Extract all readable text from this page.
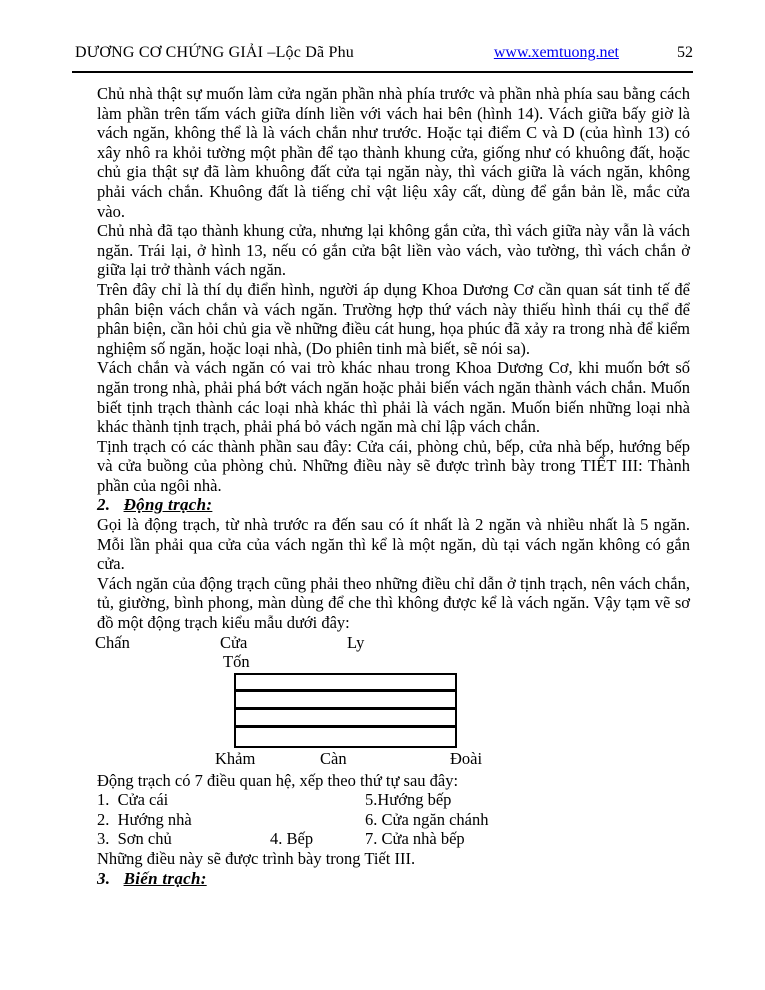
DƯƠNG CƠ CHỨNG GIẢI –Lộc Dã Phu	www.xemtuong.net	52

Chủ nhà thật sự muốn làm cửa ngăn phần nhà phía trước và phần nhà phía sau bằng cách làm phần trên tấm vách giữa dính liền với vách hai bên (hình 14). Vách giữa bấy giờ là vách ngăn, không thể là là vách chắn như trước. Hoặc tại điểm C và D (của hình 13) có xây nhô ra khỏi tường một phần để tạo thành khung cửa, giống như có khuông đất, hoặc chủ gia thật sự đã làm khuông đất cửa tại ngăn này, thì vách giữa là vách ngăn, không phải vách chắn. Khuông đất là tiếng chỉ vật liệu xây cất, dùng để gắn bản lề, mắc cửa vào.

Chủ nhà đã tạo thành khung cửa, nhưng lại không gắn cửa, thì vách giữa này vẫn là vách ngăn. Trái lại, ở hình 13, nếu có gắn cửa bật liền vào vách, vào tường, thì vách chắn ở giữa lại trở thành vách ngăn.

Trên đây chỉ là thí dụ điển hình, người áp dụng Khoa Dương Cơ cần quan sát tinh tế để phân biện vách chắn và vách ngăn. Trường hợp thứ vách này thiếu hình thái cụ thể để phân biện, cần hỏi chủ gia về những điều cát hung, họa phúc đã xảy ra trong nhà để kiểm nghiệm số ngăn, hoặc loại nhà, (Do phiên tinh mà biết, sẽ nói sa).

Vách chắn và vách ngăn có vai trò khác nhau trong Khoa Dương Cơ, khi muốn bớt số ngăn trong nhà, phải phá bớt vách ngăn hoặc phải biến vách ngăn thành vách chắn. Muốn biết tịnh trạch thành các loại nhà khác thì phải là vách ngăn. Muốn biến những loại nhà khác thành tịnh trạch, phải phá bỏ vách ngăn mà chỉ lập vách chắn.

Tịnh trạch có các thành phần sau đây: Cửa cái, phòng chủ, bếp, cửa nhà bếp, hướng bếp và cửa buồng của phòng chủ. Những điều này sẽ được trình bày trong TIẾT III: Thành phần của ngôi nhà.

2. Động trạch:

Gọi là động trạch, từ nhà trước ra đến sau có ít nhất là 2 ngăn và nhiều nhất là 5 ngăn. Mỗi lần phải qua cửa của vách ngăn thì kể là một ngăn, dù tại vách ngăn không có gắn cửa.

Vách ngăn của động trạch cũng phải theo những điều chỉ dẫn ở tịnh trạch, nên vách chắn, tủ, giường, bình phong, màn dùng để che thì không được kể là vách ngăn. Vậy tạm vẽ sơ đồ một động trạch kiểu mẫu dưới đây:

Chấn	Cửa	Ly
Tốn
Khảm	Càn	Đoài

Động trạch có 7 điều quan hệ, xếp theo thứ tự sau đây:

1.  Cửa cái	5.Hướng bếp
2.  Hướng nhà	6. Cửa ngăn chánh
3.  Sơn chủ	4. Bếp	7. Cửa nhà bếp

Những điều này sẽ được trình bày trong Tiết III.

3. Biến trạch:
